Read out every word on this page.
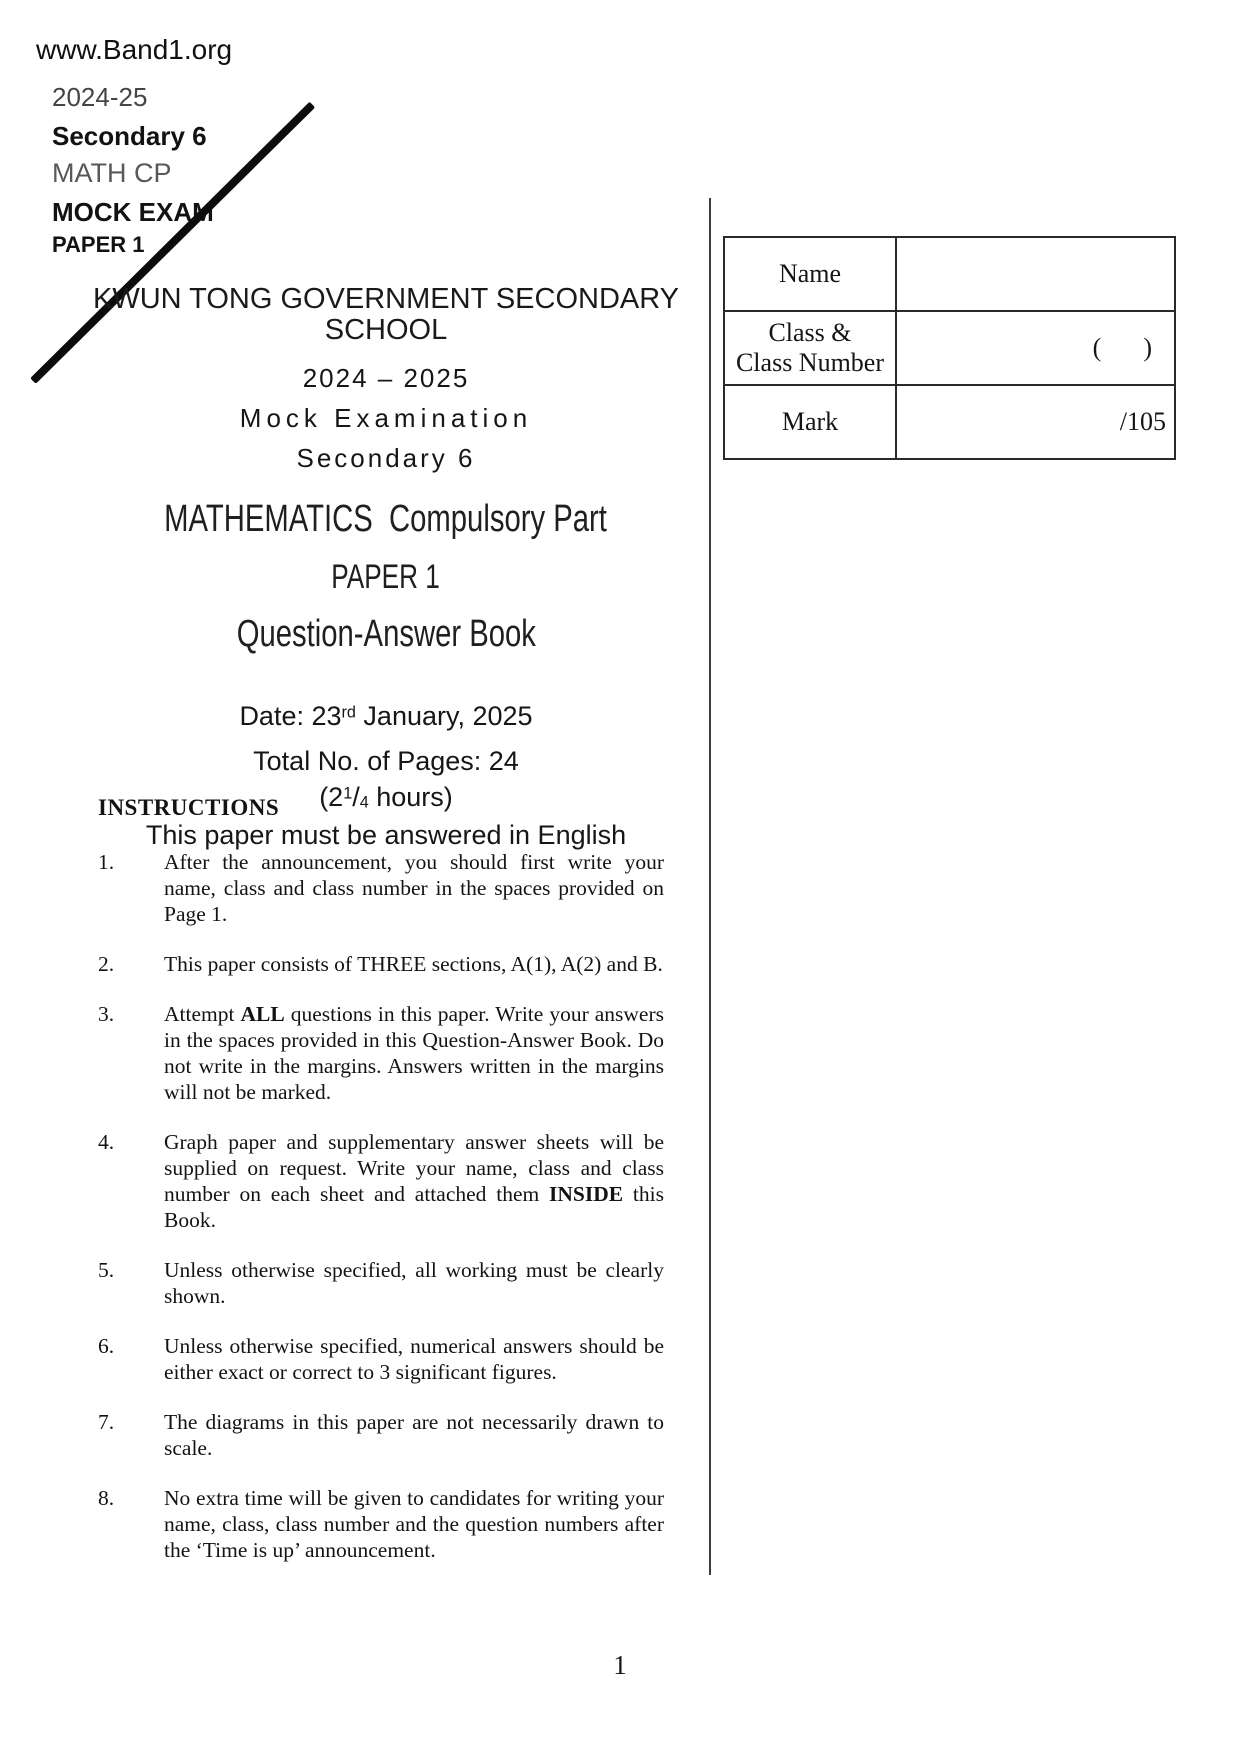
www.Band1.org
2024-25
Secondary 6
MATH CP
MOCK EXAM
PAPER 1
KWUN TONG GOVERNMENT SECONDARY
SCHOOL
2024 – 2025
Mock Examination
Secondary 6
MATHEMATICS  Compulsory Part
PAPER 1
Question-Answer Book
Date: 23rd January, 2025
Total No. of Pages: 24
($2^1/_4$ hours)
This paper must be answered in English
Name	

Class &
Class Number	( )
Mark	/105
INSTRUCTIONS
1.	After the announcement, you should first write your name, class and class number in the spaces provided on Page 1.
2.	This paper consists of THREE sections, A(1), A(2) and B.
3.	Attempt ALL questions in this paper. Write your answers in the spaces provided in this Question-Answer Book. Do not write in the margins. Answers written in the margins will not be marked.
4.	Graph paper and supplementary answer sheets will be supplied on request. Write your name, class and class number on each sheet and attached them INSIDE this Book.
5.	Unless otherwise specified, all working must be clearly shown.
6.	Unless otherwise specified, numerical answers should be either exact or correct to 3 significant figures.
7.	The diagrams in this paper are not necessarily drawn to scale.
8.	No extra time will be given to candidates for writing your name, class, class number and the question numbers after the ‘Time is up’ announcement.
1
